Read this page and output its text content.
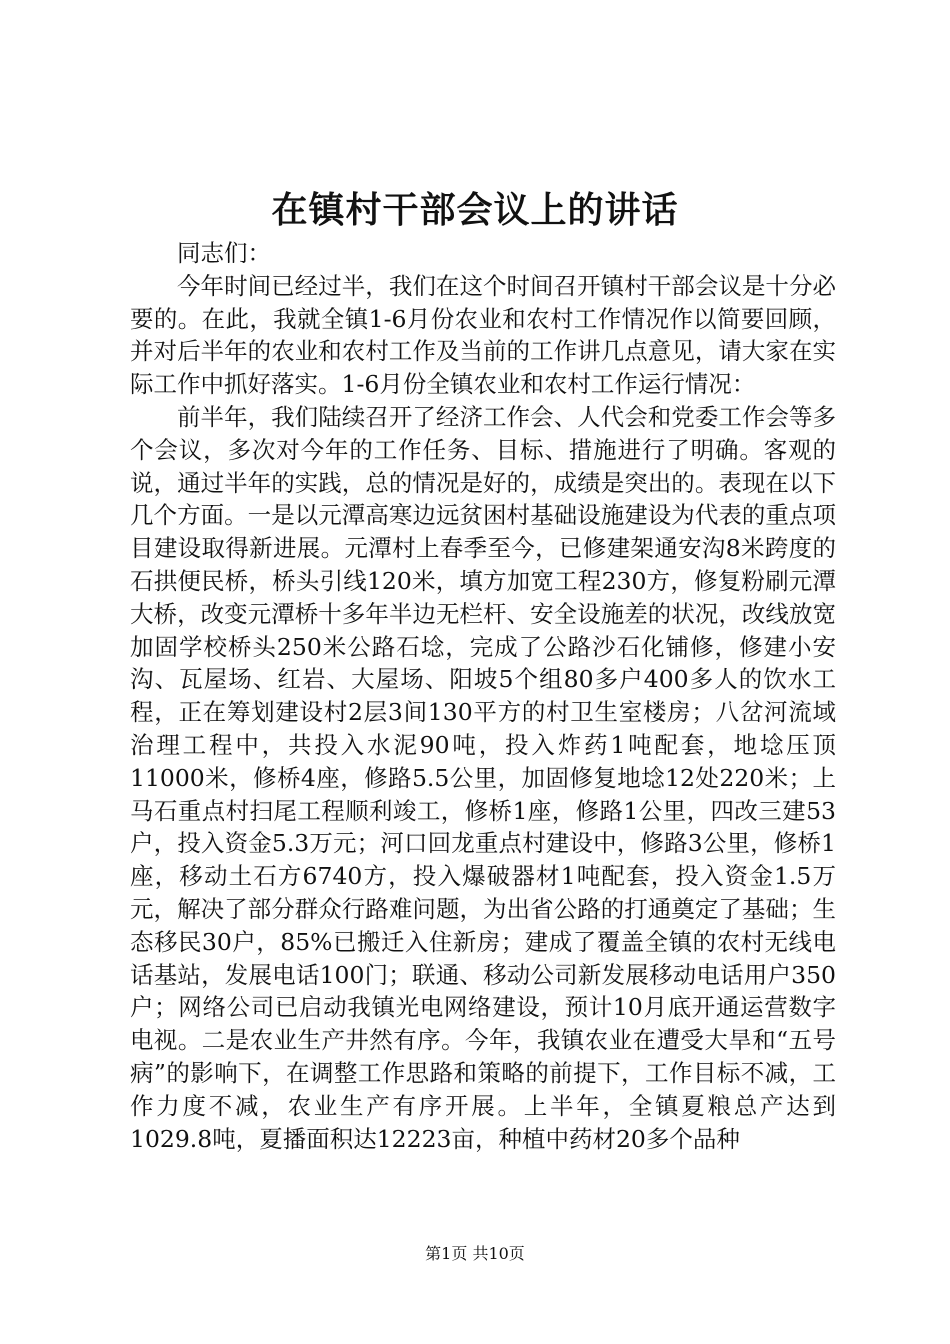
在镇村干部会议上的讲话

同志们：

今年时间已经过半，我们在这个时间召开镇村干部会议是十分必要的。在此，我就全镇1-6月份农业和农村工作情况作以简要回顾，并对后半年的农业和农村工作及当前的工作讲几点意见，请大家在实际工作中抓好落实。1-6月份全镇农业和农村工作运行情况：

前半年，我们陆续召开了经济工作会、人代会和党委工作会等多个会议，多次对今年的工作任务、目标、措施进行了明确。客观的说，通过半年的实践，总的情况是好的，成绩是突出的。表现在以下几个方面。一是以元潭高寒边远贫困村基础设施建设为代表的重点项目建设取得新进展。元潭村上春季至今，已修建架通安沟8米跨度的石拱便民桥，桥头引线120米，填方加宽工程230方，修复粉刷元潭大桥，改变元潭桥十多年半边无栏杆、安全设施差的状况，改线放宽加固学校桥头250米公路石埝，完成了公路沙石化铺修，修建小安沟、瓦屋场、红岩、大屋场、阳坡5个组80多户400多人的饮水工程，正在筹划建设村2层3间130平方的村卫生室楼房；八岔河流域治理工程中，共投入水泥90吨，投入炸药1吨配套，地埝压顶11000米，修桥4座，修路5.5公里，加固修复地埝12处220米；上马石重点村扫尾工程顺利竣工，修桥1座，修路1公里，四改三建53户，投入资金5.3万元；河口回龙重点村建设中，修路3公里，修桥1座，移动土石方6740方，投入爆破器材1吨配套，投入资金1.5万元，解决了部分群众行路难问题，为出省公路的打通奠定了基础；生态移民30户，85%已搬迁入住新房；建成了覆盖全镇的农村无线电话基站，发展电话100门；联通、移动公司新发展移动电话用户350户；网络公司已启动我镇光电网络建设，预计10月底开通运营数字电视。二是农业生产井然有序。今年，我镇农业在遭受大旱和“五号病”的影响下，在调整工作思路和策略的前提下，工作目标不减，工作力度不减，农业生产有序开展。上半年，全镇夏粮总产达到1029.8吨，夏播面积达12223亩，种植中药材20多个品种

第1页 共10页
